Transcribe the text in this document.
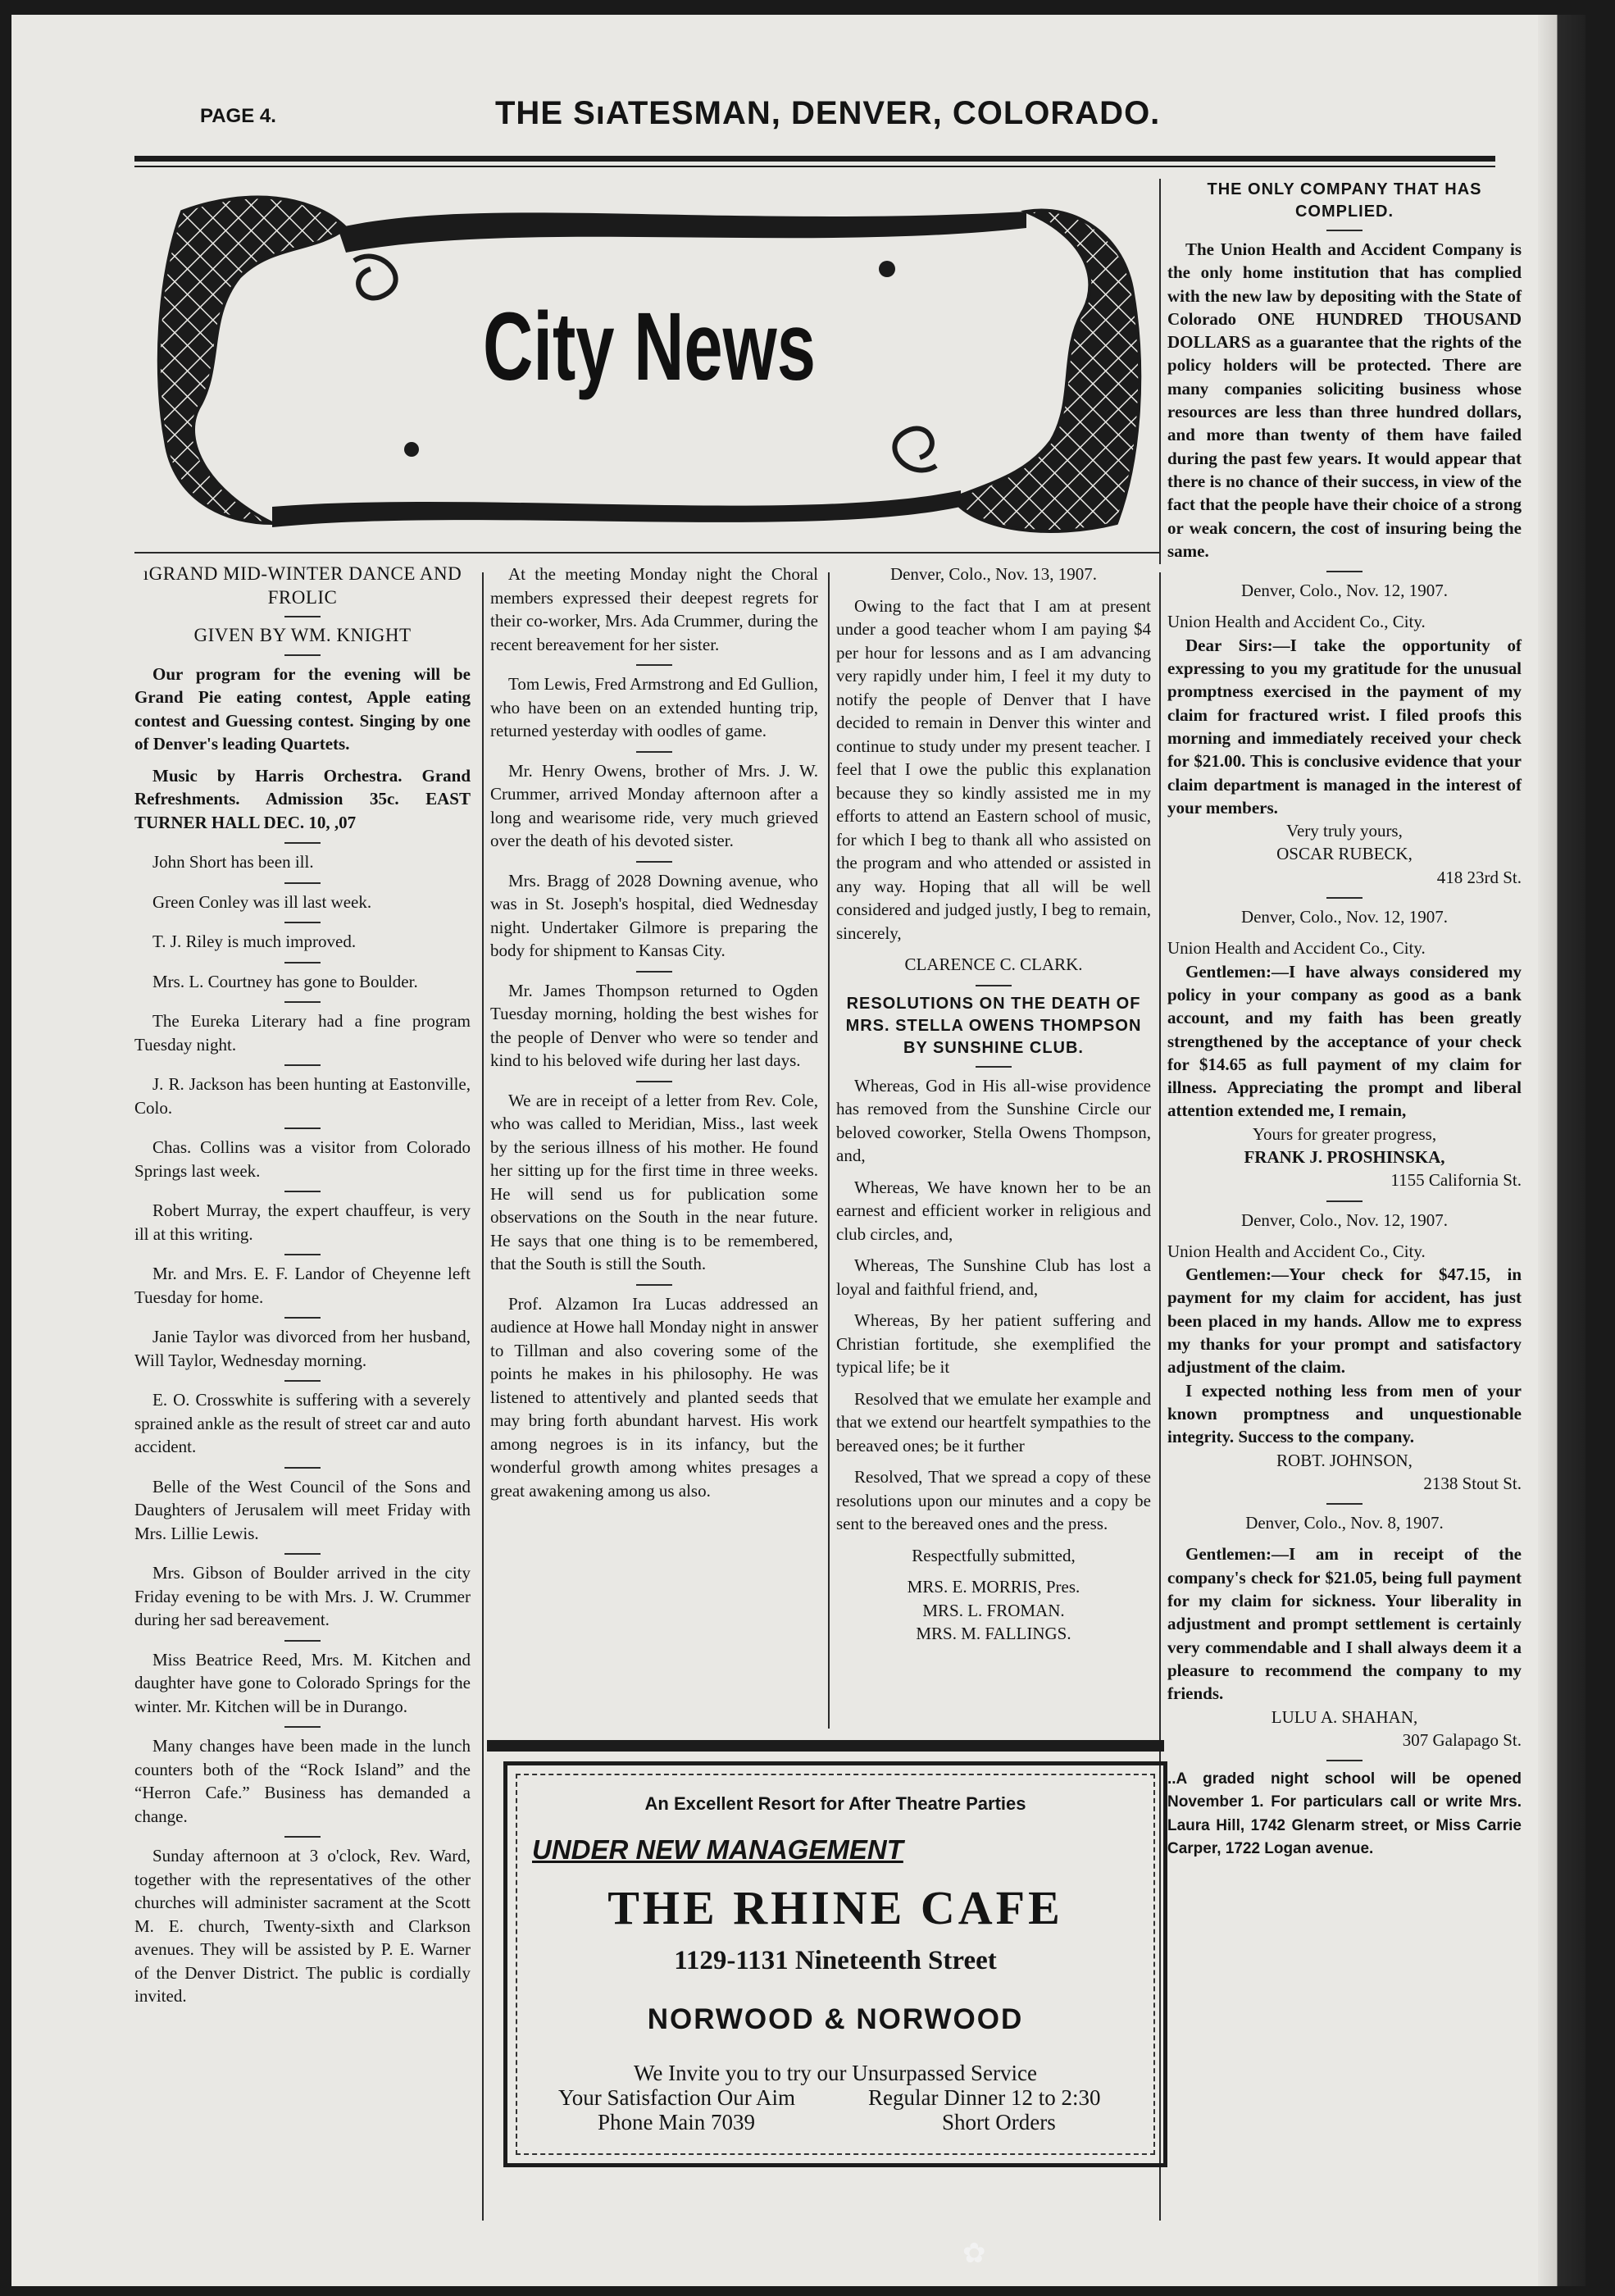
PAGE 4.	THE SıATESMAN, DENVER, COLORADO.
City News
ıGRAND MID-WINTER DANCE AND FROLIC
GIVEN BY WM. KNIGHT

Our program for the evening will be Grand Pie eating contest, Apple eating contest and Guessing contest. Singing by one of Denver's leading Quartets.

Music by Harris Orchestra. Grand Refreshments. Admission 35c. EAST TURNER HALL DEC. 10, ,07

John Short has been ill.

Green Conley was ill last week.

T. J. Riley is much improved.

Mrs. L. Courtney has gone to Boulder.

The Eureka Literary had a fine program Tuesday night.

J. R. Jackson has been hunting at Eastonville, Colo.

Chas. Collins was a visitor from Colorado Springs last week.

Robert Murray, the expert chauffeur, is very ill at this writing.

Mr. and Mrs. E. F. Landor of Cheyenne left Tuesday for home.

Janie Taylor was divorced from her husband, Will Taylor, Wednesday morning.

E. O. Crosswhite is suffering with a severely sprained ankle as the result of street car and auto accident.

Belle of the West Council of the Sons and Daughters of Jerusalem will meet Friday with Mrs. Lillie Lewis.

Mrs. Gibson of Boulder arrived in the city Friday evening to be with Mrs. J. W. Crummer during her sad bereavement.

Miss Beatrice Reed, Mrs. M. Kitchen and daughter have gone to Colorado Springs for the winter. Mr. Kitchen will be in Durango.

Many changes have been made in the lunch counters both of the “Rock Island” and the “Herron Cafe.” Business has demanded a change.

Sunday afternoon at 3 o'clock, Rev. Ward, together with the representatives of the other churches will administer sacrament at the Scott M. E. church, Twenty-sixth and Clarkson avenues. They will be assisted by P. E. Warner of the Denver District. The public is cordially invited.

At the meeting Monday night the Choral members expressed their deepest regrets for their co-worker, Mrs. Ada Crummer, during the recent bereavement for her sister.

Tom Lewis, Fred Armstrong and Ed Gullion, who have been on an extended hunting trip, returned yesterday with oodles of game.

Mr. Henry Owens, brother of Mrs. J. W. Crummer, arrived Monday afternoon after a long and wearisome ride, very much grieved over the death of his devoted sister.

Mrs. Bragg of 2028 Downing avenue, who was in St. Joseph's hospital, died Wednesday night. Undertaker Gilmore is preparing the body for shipment to Kansas City.

Mr. James Thompson returned to Ogden Tuesday morning, holding the best wishes for the people of Denver who were so tender and kind to his beloved wife during her last days.

We are in receipt of a letter from Rev. Cole, who was called to Meridian, Miss., last week by the serious illness of his mother. He found her sitting up for the first time in three weeks. He will send us for publication some observations on the South in the near future. He says that one thing is to be remembered, that the South is still the South.

Prof. Alzamon Ira Lucas addressed an audience at Howe hall Monday night in answer to Tillman and also covering some of the points he makes in his philosophy. He was listened to attentively and planted seeds that may bring forth abundant harvest. His work among negroes is in its infancy, but the wonderful growth among whites presages a great awakening among us also.

Denver, Colo., Nov. 13, 1907.

Owing to the fact that I am at present under a good teacher whom I am paying $4 per hour for lessons and as I am advancing very rapidly under him, I feel it my duty to notify the people of Denver that I have decided to remain in Denver this winter and continue to study under my present teacher. I feel that I owe the public this explanation because they so kindly assisted me in my efforts to attend an Eastern school of music, for which I beg to thank all who assisted on the program and who attended or assisted in any way. Hoping that all will be well considered and judged justly, I beg to remain, sincerely,

CLARENCE C. CLARK.

RESOLUTIONS ON THE DEATH OF MRS. STELLA OWENS THOMPSON BY SUNSHINE CLUB.

Whereas, God in His all-wise providence has removed from the Sunshine Circle our beloved coworker, Stella Owens Thompson, and,

Whereas, We have known her to be an earnest and efficient worker in religious and club circles, and,

Whereas, The Sunshine Club has lost a loyal and faithful friend, and,

Whereas, By her patient suffering and Christian fortitude, she exemplified the typical life; be it

Resolved that we emulate her example and that we extend our heartfelt sympathies to the bereaved ones; be it further

Resolved, That we spread a copy of these resolutions upon our minutes and a copy be sent to the bereaved ones and the press.

Respectfully submitted,

MRS. E. MORRIS, Pres.

MRS. L. FROMAN.

MRS. M. FALLINGS.

THE ONLY COMPANY THAT HAS COMPLIED.

The Union Health and Accident Company is the only home institution that has complied with the new law by depositing with the State of Colorado ONE HUNDRED THOUSAND DOLLARS as a guarantee that the rights of the policy holders will be protected. There are many companies soliciting business whose resources are less than three hundred dollars, and more than twenty of them have failed during the past few years. It would appear that there is no chance of their success, in view of the fact that the people have their choice of a strong or weak concern, the cost of insuring being the same.

Denver, Colo., Nov. 12, 1907.

Union Health and Accident Co., City.

Dear Sirs:—I take the opportunity of expressing to you my gratitude for the unusual promptness exercised in the payment of my claim for fractured wrist. I filed proofs this morning and immediately received your check for $21.00. This is conclusive evidence that your claim department is managed in the interest of your members.

Very truly yours,

OSCAR RUBECK,

418 23rd St.

Denver, Colo., Nov. 12, 1907.

Union Health and Accident Co., City.

Gentlemen:—I have always considered my policy in your company as good as a bank account, and my faith has been greatly strengthened by the acceptance of your check for $14.65 as full payment of my claim for illness. Appreciating the prompt and liberal attention extended me, I remain,

Yours for greater progress,

FRANK J. PROSHINSKA,

1155 California St.

Denver, Colo., Nov. 12, 1907.

Union Health and Accident Co., City.

Gentlemen:—Your check for $47.15, in payment for my claim for accident, has just been placed in my hands. Allow me to express my thanks for your prompt and satisfactory adjustment of the claim.

I expected nothing less from men of your known promptness and unquestionable integrity. Success to the company.

ROBT. JOHNSON,

2138 Stout St.

Denver, Colo., Nov. 8, 1907.

Gentlemen:—I am in receipt of the company's check for $21.05, being full payment for my claim for sickness. Your liberality in adjustment and prompt settlement is certainly very commendable and I shall always deem it a pleasure to recommend the company to my friends.

LULU A. SHAHAN,

307 Galapago St.

..A graded night school will be opened November 1. For particulars call or write Mrs. Laura Hill, 1742 Glenarm street, or Miss Carrie Carper, 1722 Logan avenue.

An Excellent Resort for After Theatre Parties
UNDER NEW MANAGEMENT
THE RHINE CAFE
1129-1131 Nineteenth Street
NORWOOD & NORWOOD
We Invite you to try our Unsurpassed Service
Your Satisfaction Our Aim	Regular Dinner 12 to 2:30
Phone Main 7039	Short Orders
✿
